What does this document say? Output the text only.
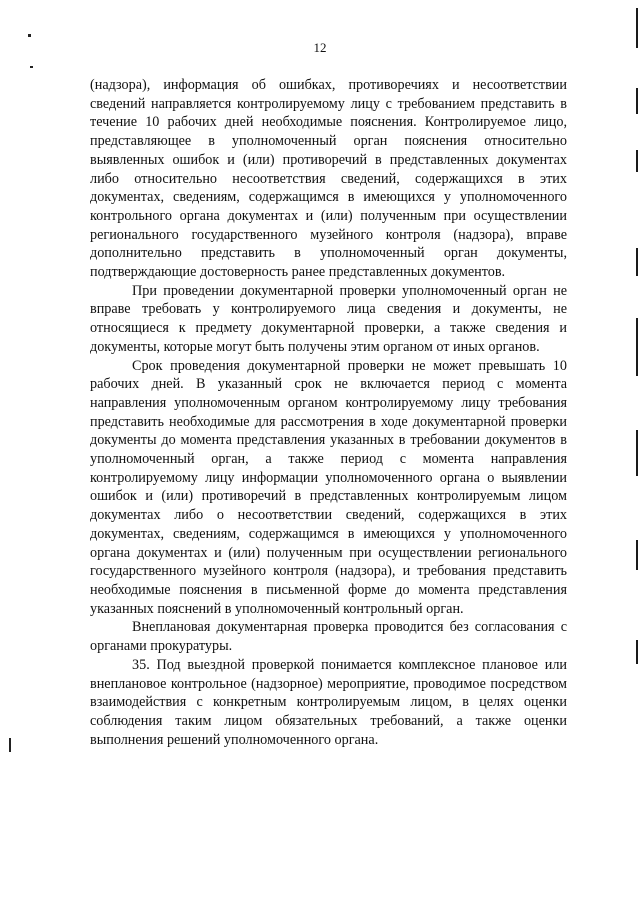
12

(надзора), информация об ошибках, противоречиях и несоответствии сведений направляется контролируемому лицу с требованием представить в течение 10 рабочих дней необходимые пояснения. Контролируемое лицо, представляющее в уполномоченный орган пояснения относительно выявленных ошибок и (или) противоречий в представленных документах либо относительно несоответствия сведений, содержащихся в этих документах, сведениям, содержащимся в имеющихся у уполномоченного контрольного органа документах и (или) полученным при осуществлении регионального государственного музейного контроля (надзора), вправе дополнительно представить в уполномоченный орган документы, подтверждающие достоверность ранее представленных документов.

При проведении документарной проверки уполномоченный орган не вправе требовать у контролируемого лица сведения и документы, не относящиеся к предмету документарной проверки, а также сведения и документы, которые могут быть получены этим органом от иных органов.

Срок проведения документарной проверки не может превышать 10 рабочих дней. В указанный срок не включается период с момента направления уполномоченным органом контролируемому лицу требования представить необходимые для рассмотрения в ходе документарной проверки документы до момента представления указанных в требовании документов в уполномоченный орган, а также период с момента направления контролируемому лицу информации уполномоченного органа о выявлении ошибок и (или) противоречий в представленных контролируемым лицом документах либо о несоответствии сведений, содержащихся в этих документах, сведениям, содержащимся в имеющихся у уполномоченного органа документах и (или) полученным при осуществлении регионального государственного музейного контроля (надзора), и требования представить необходимые пояснения в письменной форме до момента представления указанных пояснений в уполномоченный контрольный орган.

Внеплановая документарная проверка проводится без согласования с органами прокуратуры.

35. Под выездной проверкой понимается комплексное плановое или внеплановое контрольное (надзорное) мероприятие, проводимое посредством взаимодействия с конкретным контролируемым лицом, в целях оценки соблюдения таким лицом обязательных требований, а также оценки выполнения решений уполномоченного органа.
